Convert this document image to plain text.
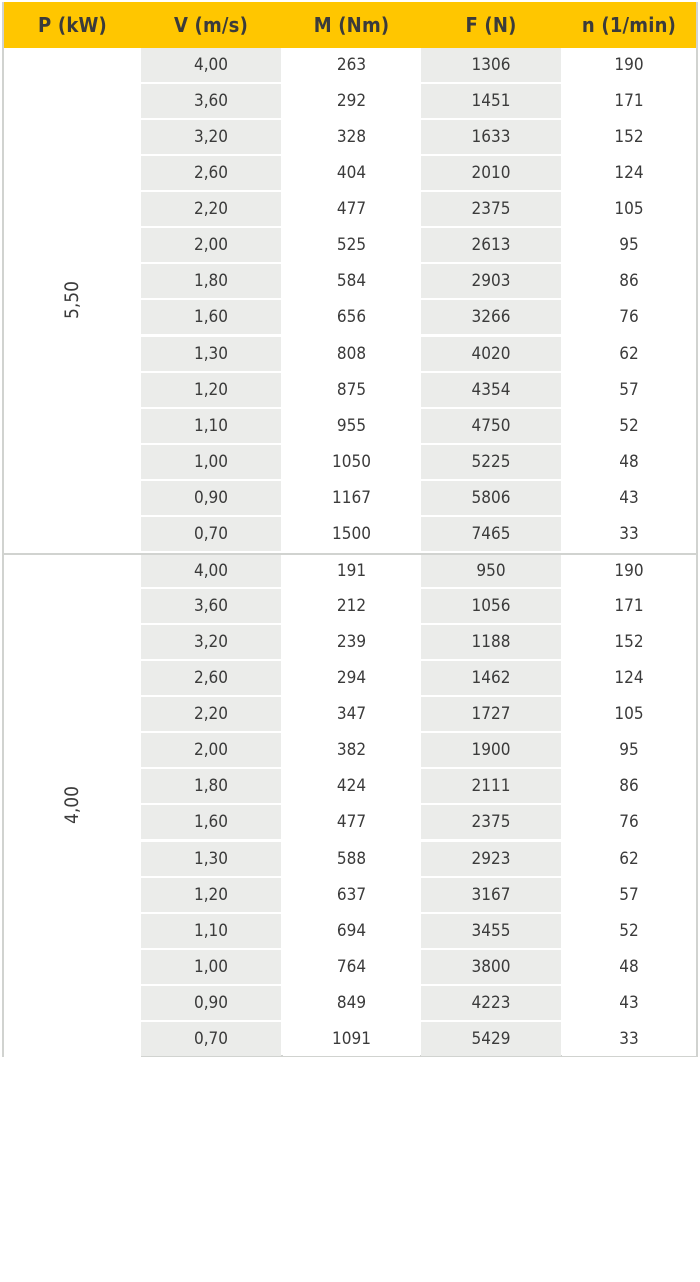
P (kW)	V (m/s)	M (Nm)	F (N)	n (1/min)
5,50
4,00	263	1306	190
3,60	292	1451	171
3,20	328	1633	152
2,60	404	2010	124
2,20	477	2375	105
2,00	525	2613	95
1,80	584	2903	86
1,60	656	3266	76
1,30	808	4020	62
1,20	875	4354	57
1,10	955	4750	52
1,00	1050	5225	48
0,90	1167	5806	43
0,70	1500	7465	33
4,00
4,00	191	950	190
3,60	212	1056	171
3,20	239	1188	152
2,60	294	1462	124
2,20	347	1727	105
2,00	382	1900	95
1,80	424	2111	86
1,60	477	2375	76
1,30	588	2923	62
1,20	637	3167	57
1,10	694	3455	52
1,00	764	3800	48
0,90	849	4223	43
0,70	1091	5429	33
